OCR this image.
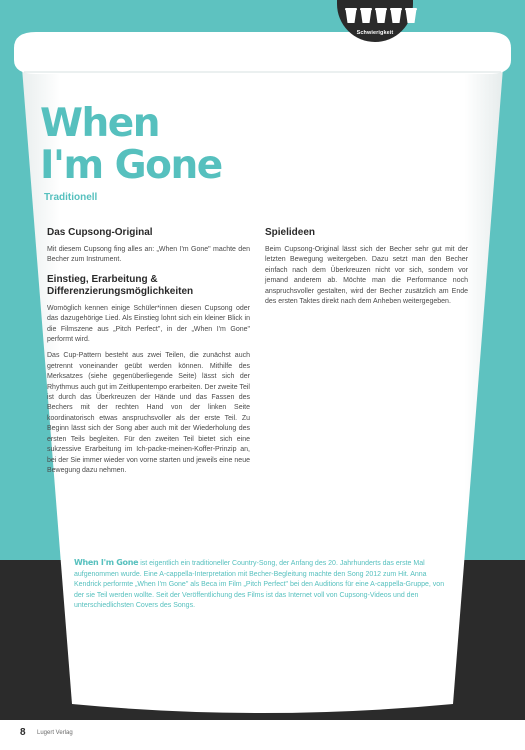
Schwierigkeit
When
I'm Gone
Traditionell
Das Cupsong-Original
Mit diesem Cupsong fing alles an: „When I'm Gone" machte den Becher zum Instrument.
Einstieg, Erarbeitung & Differenzierungsmöglichkeiten
Womöglich kennen einige Schüler*innen diesen Cupsong oder das dazugehörige Lied. Als Einstieg lohnt sich ein kleiner Blick in die Filmszene aus „Pitch Perfect", in der „When I'm Gone" performt wird.
Das Cup-Pattern besteht aus zwei Teilen, die zunächst auch getrennt voneinander geübt werden können. Mithilfe des Merksatzes (siehe gegenüberliegende Seite) lässt sich der Rhythmus auch gut im Zeitlupentempo erarbeiten. Der zweite Teil ist durch das Überkreuzen der Hände und das Fassen des Bechers mit der rechten Hand von der linken Seite koordinatorisch etwas anspruchsvoller als der erste Teil. Zu Beginn lässt sich der Song aber auch mit der Wiederholung des ersten Teils begleiten. Für den zweiten Teil bietet sich eine sukzessive Erarbeitung im Ich-packe-meinen-Koffer-Prinzip an, bei der Sie immer wieder von vorne starten und jeweils eine neue Bewegung dazu nehmen.
Spielideen
Beim Cupsong-Original lässt sich der Becher sehr gut mit der letzten Bewegung weitergeben. Dazu setzt man den Becher einfach nach dem Überkreuzen nicht vor sich, sondern vor jemand anderem ab. Möchte man die Performance noch anspruchsvoller gestalten, wird der Becher zusätzlich am Ende des ersten Taktes direkt nach dem Anheben weitergegeben.
When I'm Gone ist eigentlich ein traditioneller Country-Song, der Anfang des 20. Jahrhunderts das erste Mal aufgenommen wurde. Eine A-cappella-Interpretation mit Becher-Begleitung machte den Song 2012 zum Hit. Anna Kendrick performte „When I'm Gone" als Beca im Film „Pitch Perfect" bei den Auditions für eine A-cappella-Gruppe, von der sie Teil werden wollte. Seit der Veröffentlichung des Films ist das Internet voll von Cupsong-Videos und den unterschiedlichsten Covers des Songs.
8 Lugert Verlag
